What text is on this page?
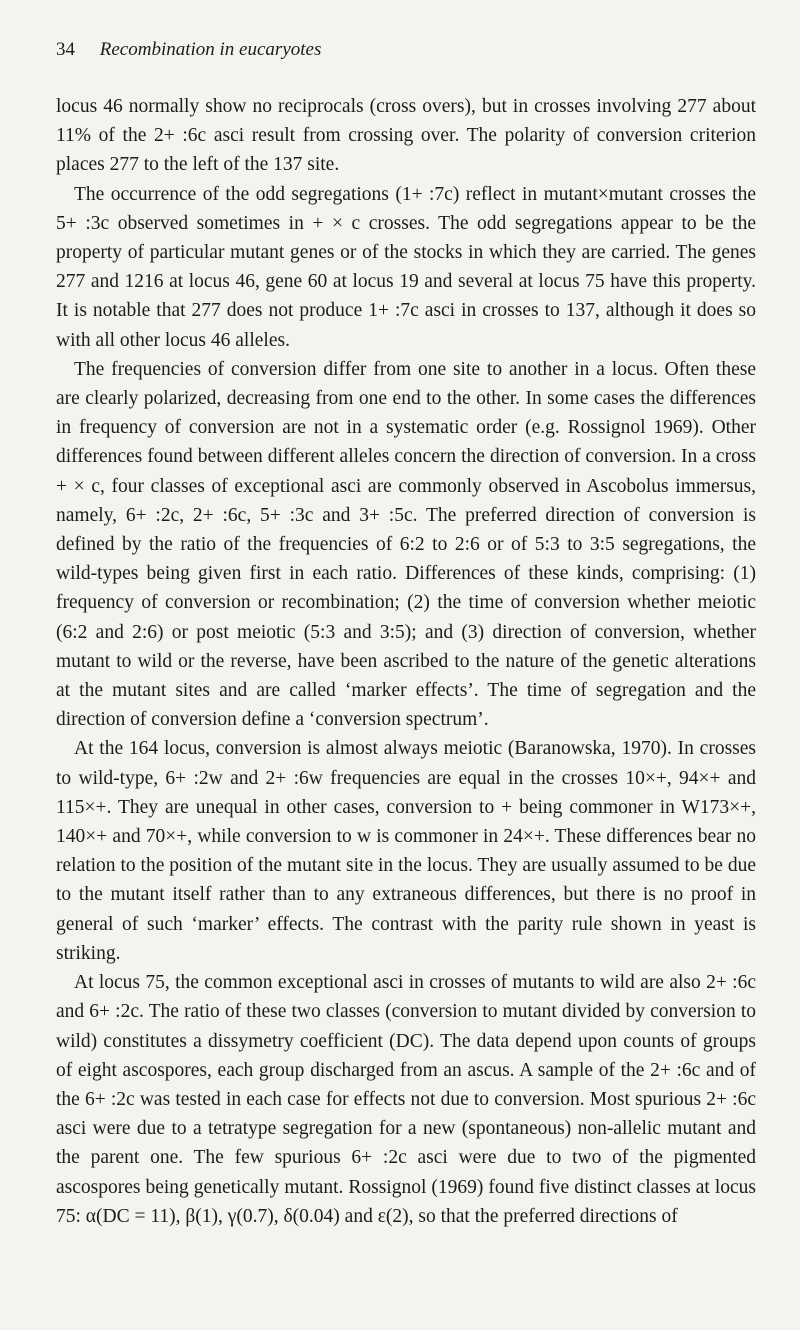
34 Recombination in eucaryotes

locus 46 normally show no reciprocals (cross overs), but in crosses involving 277 about 11% of the 2+ :6c asci result from crossing over. The polarity of conversion criterion places 277 to the left of the 137 site.

The occurrence of the odd segregations (1+ :7c) reflect in mutant×mutant crosses the 5+ :3c observed sometimes in + × c crosses. The odd segregations appear to be the property of particular mutant genes or of the stocks in which they are carried. The genes 277 and 1216 at locus 46, gene 60 at locus 19 and several at locus 75 have this property. It is notable that 277 does not produce 1+ :7c asci in crosses to 137, although it does so with all other locus 46 alleles.

The frequencies of conversion differ from one site to another in a locus. Often these are clearly polarized, decreasing from one end to the other. In some cases the differences in frequency of conversion are not in a systematic order (e.g. Rossignol 1969). Other differences found between different alleles concern the direction of conversion. In a cross + × c, four classes of exceptional asci are commonly observed in Ascobolus immersus, namely, 6+ :2c, 2+ :6c, 5+ :3c and 3+ :5c. The preferred direction of conversion is defined by the ratio of the frequencies of 6:2 to 2:6 or of 5:3 to 3:5 segregations, the wild-types being given first in each ratio. Differences of these kinds, comprising: (1) frequency of conversion or recombination; (2) the time of conversion whether meiotic (6:2 and 2:6) or post meiotic (5:3 and 3:5); and (3) direction of conversion, whether mutant to wild or the reverse, have been ascribed to the nature of the genetic alterations at the mutant sites and are called ‘marker effects’. The time of segregation and the direction of conversion define a ‘conversion spectrum’.

At the 164 locus, conversion is almost always meiotic (Baranowska, 1970). In crosses to wild-type, 6+ :2w and 2+ :6w frequencies are equal in the crosses 10×+, 94×+ and 115×+. They are unequal in other cases, conversion to + being commoner in W173×+, 140×+ and 70×+, while conversion to w is commoner in 24×+. These differences bear no relation to the position of the mutant site in the locus. They are usually assumed to be due to the mutant itself rather than to any extraneous differences, but there is no proof in general of such ‘marker’ effects. The contrast with the parity rule shown in yeast is striking.

At locus 75, the common exceptional asci in crosses of mutants to wild are also 2+ :6c and 6+ :2c. The ratio of these two classes (conversion to mutant divided by conversion to wild) constitutes a dissymetry coefficient (DC). The data depend upon counts of groups of eight ascospores, each group discharged from an ascus. A sample of the 2+ :6c and of the 6+ :2c was tested in each case for effects not due to conversion. Most spurious 2+ :6c asci were due to a tetratype segregation for a new (spontaneous) non-allelic mutant and the parent one. The few spurious 6+ :2c asci were due to two of the pigmented ascospores being genetically mutant. Rossignol (1969) found five distinct classes at locus 75: α(DC = 11), β(1), γ(0.7), δ(0.04) and ε(2), so that the preferred directions of
